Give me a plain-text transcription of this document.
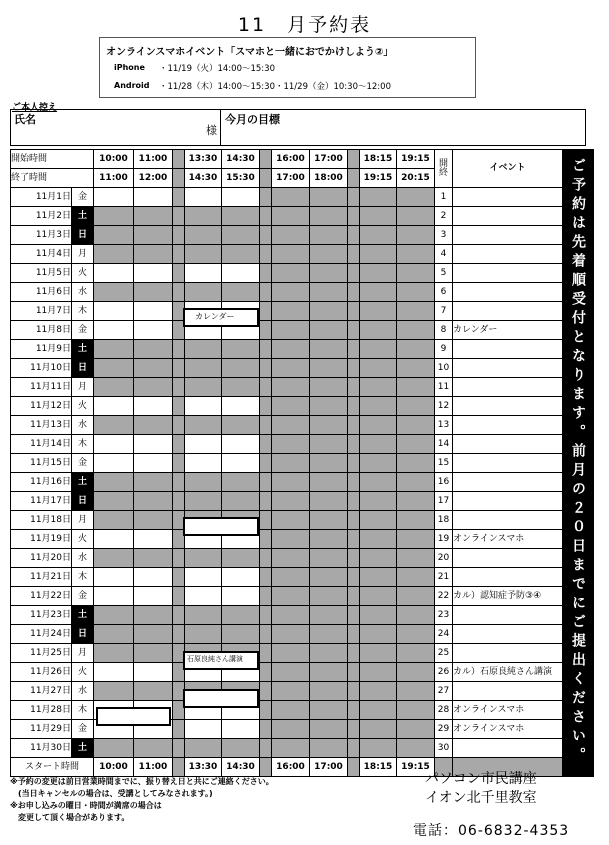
11　月予約表
オンラインスマホイベント「スマホと一緒におでかけしよう②」
iPhone ・11/19（火）14:00～15:30
Android ・11/28（木）14:00～15:30・11/29（金）10:30～12:00
ご本人控え
氏名
様
今月の目標
開始時間		10:00	11:00		13:30	14:30		16:00	17:00		18:15	19:15	開終	イベント	ご予約は先着順受付となります。前月の２０日までにご提出ください。
終了時間		11:00	12:00		14:30	15:30		17:00	18:00		19:15	20:15			
11月1日	金												1		
11月2日	土												2		
11月3日	日												3		
11月4日	月												4		
11月5日	火												5		
11月6日	水												6		
11月7日	木												7		
11月8日	金												8	カレンダー	
11月9日	土												9		
11月10日	日												10		
11月11日	月												11		
11月12日	火												12		
11月13日	水												13		
11月14日	木												14		
11月15日	金												15		
11月16日	土												16		
11月17日	日												17		
11月18日	月												18		
11月19日	火												19	オンラインスマホ	
11月20日	水												20		
11月21日	木												21		
11月22日	金												22	カル）認知症予防③④	
11月23日	土												23		
11月24日	日												24		
11月25日	月												25		
11月26日	火												26	カル）石原良純さん講演	
11月27日	水												27		
11月28日	木												28	オンラインスマホ	
11月29日	金												29	オンラインスマホ	
11月30日	土												30		
スタート時間		10:00	11:00		13:30	14:30		16:00	17:00		18:15	19:15			
※予約の変更は前日営業時間までに、振り替え日と共にご連絡ください。
　(当日キャンセルの場合は、受講としてみなされます。)
※お申し込みの曜日・時間が満席の場合は
　変更して頂く場合があります。
パソコン市民講座
イオン北千里教室
電話：06-6832-4353
カレンダー
石原良純さん講演
